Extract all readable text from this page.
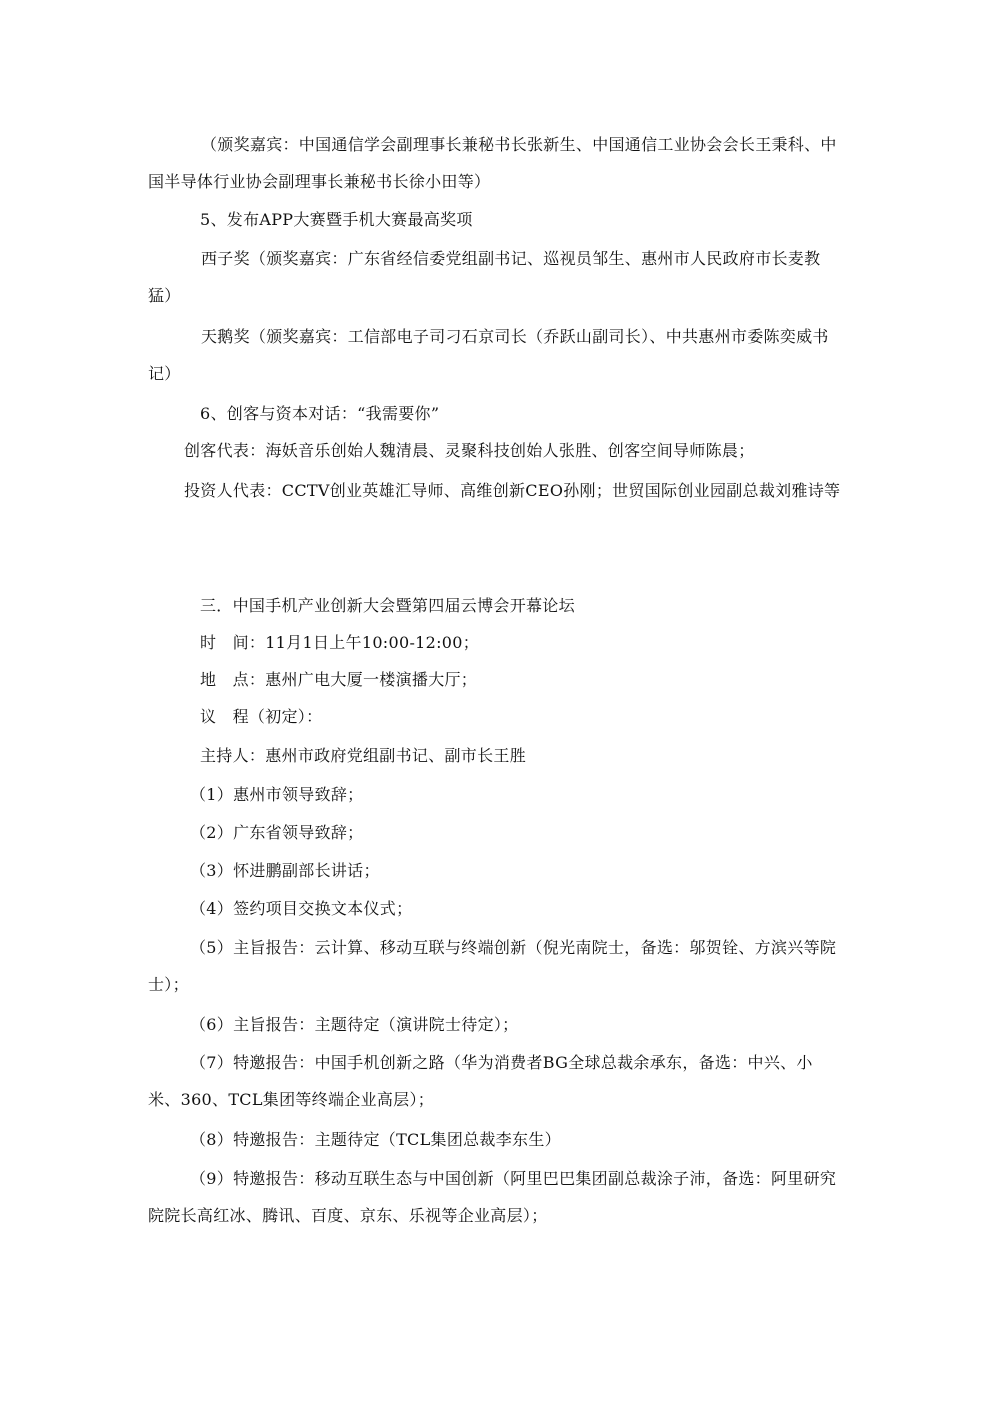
（颁奖嘉宾：中国通信学会副理事长兼秘书长张新生、中国通信工业协会会长王秉科、中国半导体行业协会副理事长兼秘书长徐小田等）
5、发布APP大赛暨手机大赛最高奖项
西子奖（颁奖嘉宾：广东省经信委党组副书记、巡视员邹生、惠州市人民政府市长麦教猛）
天鹅奖（颁奖嘉宾：工信部电子司刁石京司长（乔跃山副司长）、中共惠州市委陈奕威书记）
6、创客与资本对话：“我需要你”
创客代表：海妖音乐创始人魏清晨、灵聚科技创始人张胜、创客空间导师陈晨；
投资人代表：CCTV创业英雄汇导师、高维创新CEO孙刚；世贸国际创业园副总裁刘雅诗等
三．中国手机产业创新大会暨第四届云博会开幕论坛
时　间：11月1日上午10:00-12:00；
地　点：惠州广电大厦一楼演播大厅；
议　程（初定）：
主持人：惠州市政府党组副书记、副市长王胜
（1）惠州市领导致辞；
（2）广东省领导致辞；
（3）怀进鹏副部长讲话；
（4）签约项目交换文本仪式；
（5）主旨报告：云计算、移动互联与终端创新（倪光南院士，备选：邬贺铨、方滨兴等院士）；
（6）主旨报告：主题待定（演讲院士待定）；
（7）特邀报告：中国手机创新之路（华为消费者BG全球总裁余承东，备选：中兴、小米、360、TCL集团等终端企业高层）；
（8）特邀报告：主题待定（TCL集团总裁李东生）
（9）特邀报告：移动互联生态与中国创新（阿里巴巴集团副总裁涂子沛，备选：阿里研究院院长高红冰、腾讯、百度、京东、乐视等企业高层）；
